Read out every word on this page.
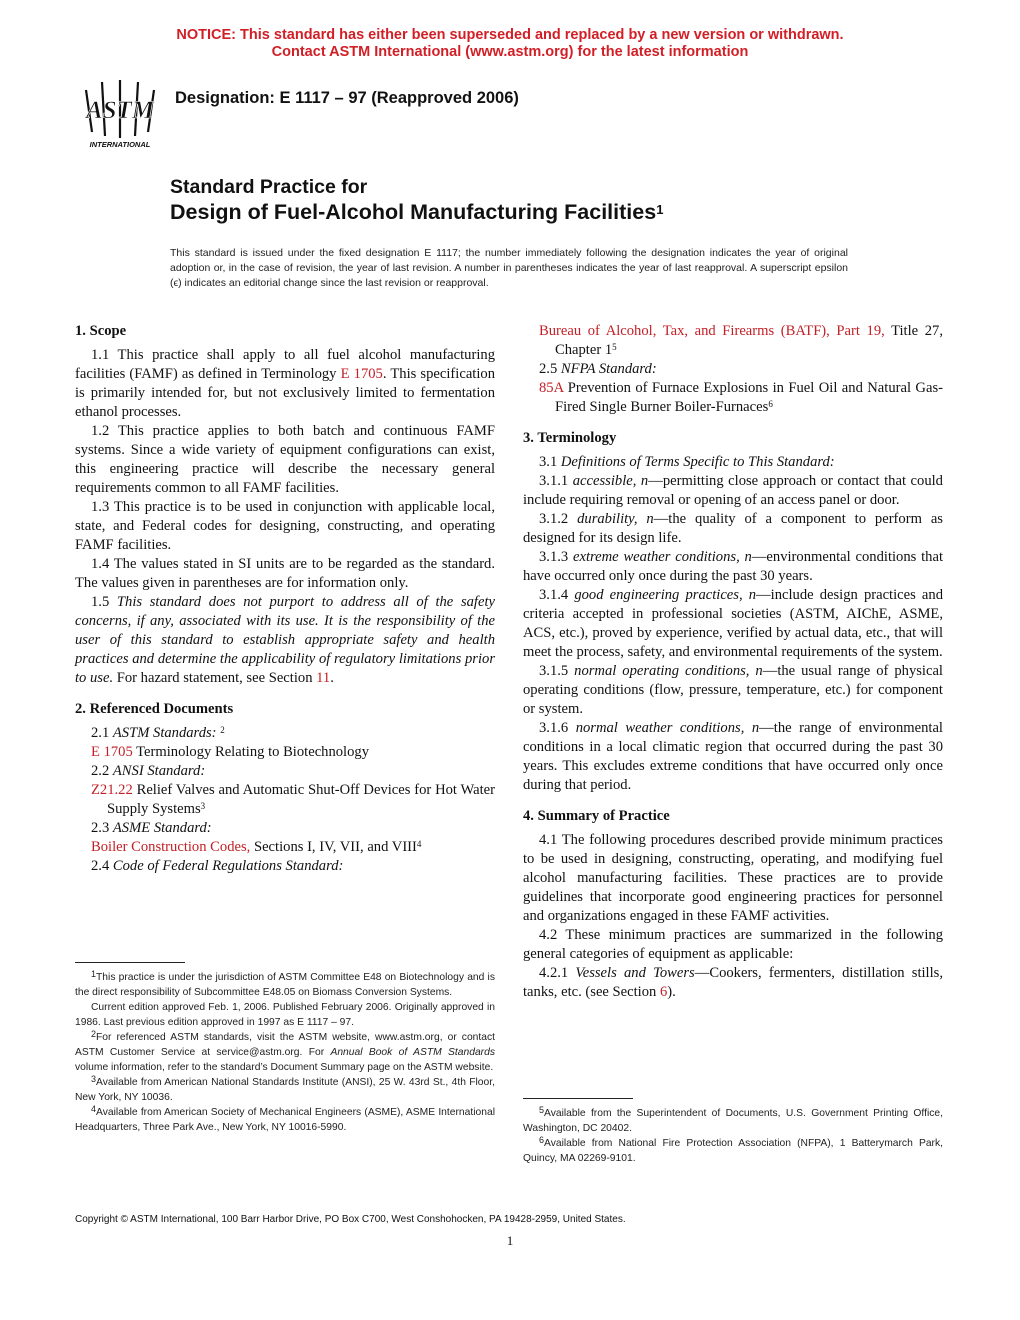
NOTICE: This standard has either been superseded and replaced by a new version or withdrawn.
Contact ASTM International (www.astm.org) for the latest information
ASTM
INTERNATIONAL
Designation: E 1117 – 97 (Reapproved 2006)
Standard Practice for
Design of Fuel-Alcohol Manufacturing Facilities$^1$
This standard is issued under the fixed designation E 1117; the number immediately following the designation indicates the year of original adoption or, in the case of revision, the year of last revision. A number in parentheses indicates the year of last reapproval. A superscript epsilon (ϵ) indicates an editorial change since the last revision or reapproval.
1. Scope

1.1 This practice shall apply to all fuel alcohol manufacturing facilities (FAMF) as defined in Terminology E 1705. This specification is primarily intended for, but not exclusively limited to fermentation ethanol processes.

1.2 This practice applies to both batch and continuous FAMF systems. Since a wide variety of equipment configurations can exist, this engineering practice will describe the necessary general requirements common to all FAMF facilities.

1.3 This practice is to be used in conjunction with applicable local, state, and Federal codes for designing, constructing, and operating FAMF facilities.

1.4 The values stated in SI units are to be regarded as the standard. The values given in parentheses are for information only.

1.5 This standard does not purport to address all of the safety concerns, if any, associated with its use. It is the responsibility of the user of this standard to establish appropriate safety and health practices and determine the applicability of regulatory limitations prior to use. For hazard statement, see Section 11.

2. Referenced Documents

2.1 ASTM Standards: $^2$

E 1705 Terminology Relating to Biotechnology

2.2 ANSI Standard:

Z21.22 Relief Valves and Automatic Shut-Off Devices for Hot Water Supply Systems$^3$

2.3 ASME Standard:

Boiler Construction Codes, Sections I, IV, VII, and VIII$^4$

2.4 Code of Federal Regulations Standard:

$^1$This practice is under the jurisdiction of ASTM Committee E48 on Biotechnology and is the direct responsibility of Subcommittee E48.05 on Biomass Conversion Systems.

Current edition approved Feb. 1, 2006. Published February 2006. Originally approved in 1986. Last previous edition approved in 1997 as E 1117 – 97.

$^2$For referenced ASTM standards, visit the ASTM website, www.astm.org, or contact ASTM Customer Service at service@astm.org. For Annual Book of ASTM Standards volume information, refer to the standard’s Document Summary page on the ASTM website.

$^3$Available from American National Standards Institute (ANSI), 25 W. 43rd St., 4th Floor, New York, NY 10036.

$^4$Available from American Society of Mechanical Engineers (ASME), ASME International Headquarters, Three Park Ave., New York, NY 10016-5990.

Bureau of Alcohol, Tax, and Firearms (BATF), Part 19, Title 27, Chapter $1^5$

2.5 NFPA Standard:

85A Prevention of Furnace Explosions in Fuel Oil and Natural Gas-Fired Single Burner Boiler-Furnaces$^6$

3. Terminology

3.1 Definitions of Terms Specific to This Standard:

3.1.1 accessible, n—permitting close approach or contact that could include requiring removal or opening of an access panel or door.

3.1.2 durability, n—the quality of a component to perform as designed for its design life.

3.1.3 extreme weather conditions, n—environmental conditions that have occurred only once during the past 30 years.

3.1.4 good engineering practices, n—include design practices and criteria accepted in professional societies (ASTM, AIChE, ASME, ACS, etc.), proved by experience, verified by actual data, etc., that will meet the process, safety, and environmental requirements of the system.

3.1.5 normal operating conditions, n—the usual range of physical operating conditions (flow, pressure, temperature, etc.) for component or system.

3.1.6 normal weather conditions, n—the range of environmental conditions in a local climatic region that occurred during the past 30 years. This excludes extreme conditions that have occurred only once during that period.

4. Summary of Practice

4.1 The following procedures described provide minimum practices to be used in designing, constructing, operating, and modifying fuel alcohol manufacturing facilities. These practices are to provide guidelines that incorporate good engineering practices for personnel and organizations engaged in these FAMF activities.

4.2 These minimum practices are summarized in the following general categories of equipment as applicable:

4.2.1 Vessels and Towers—Cookers, fermenters, distillation stills, tanks, etc. (see Section 6).

$^5$Available from the Superintendent of Documents, U.S. Government Printing Office, Washington, DC 20402.

$^6$Available from National Fire Protection Association (NFPA), 1 Batterymarch Park, Quincy, MA 02269-9101.

Copyright © ASTM International, 100 Barr Harbor Drive, PO Box C700, West Conshohocken, PA 19428-2959, United States.
1
